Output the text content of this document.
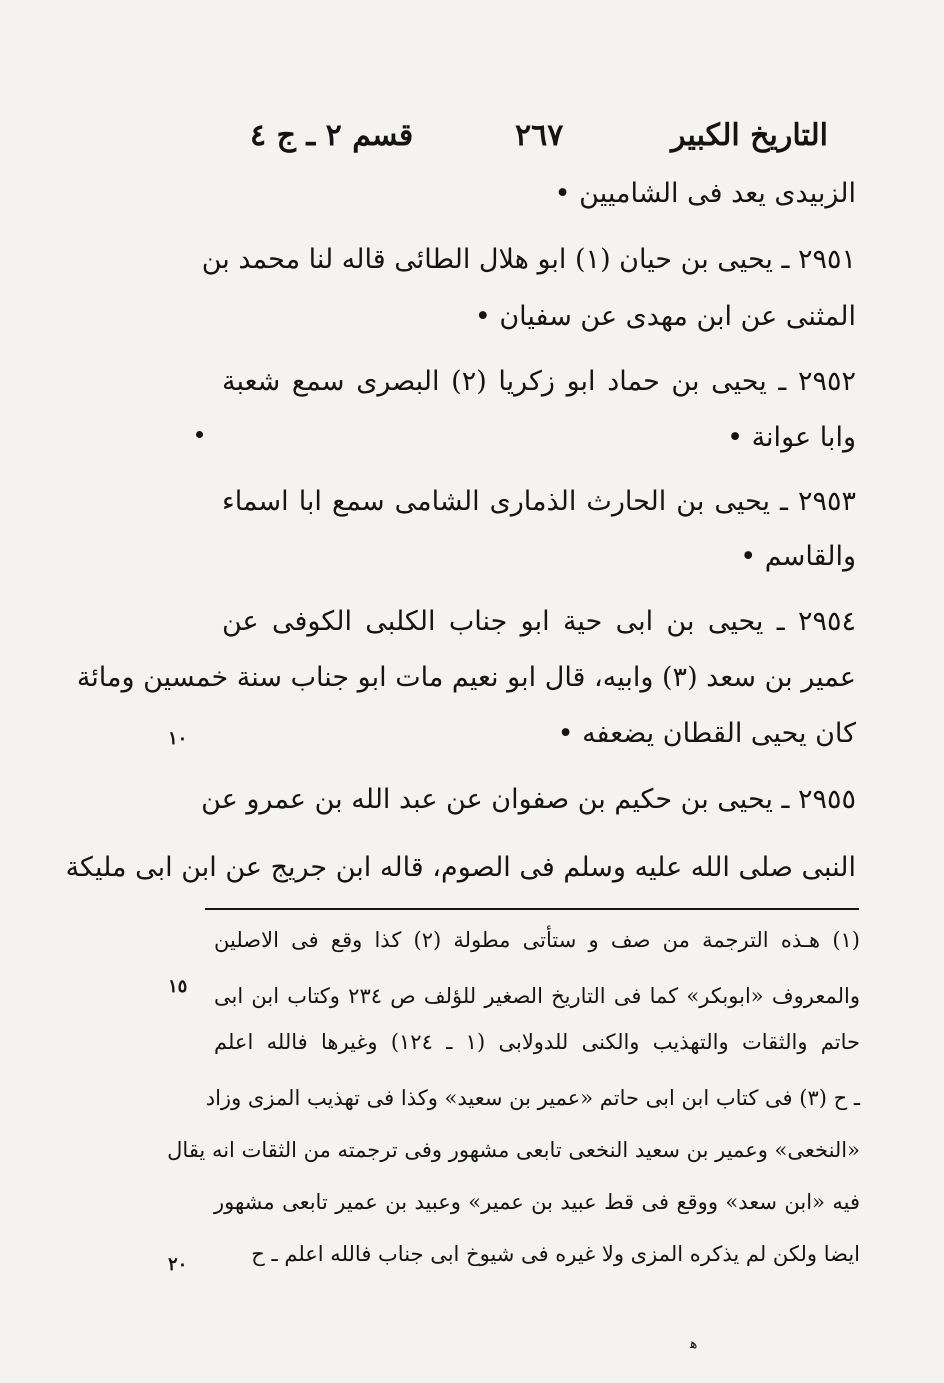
التاريخ الكبير
٢٦٧
قسم ٢ ـ ج ٤
الزبيدى يعد فى الشاميين •
٢٩٥١ ـ يحيى بن حيان (١) ابو هلال الطائى قاله لنا محمد بن
المثنى عن ابن مهدى عن سفيان •
٢٩٥٢ ـ يحيى بن حماد ابو زكريا (٢) البصرى سمع شعبة
وابا عوانة •
٢٩٥٣ ـ يحيى بن الحارث الذمارى الشامى سمع ابا اسماء
والقاسم •
٢٩٥٤ ـ يحيى بن ابى حية ابو جناب الكلبى الكوفى عن
عمير بن سعد (٣) وابيه، قال ابو نعيم مات ابو جناب سنة خمسين ومائة
كان يحيى القطان يضعفه •
٢٩٥٥ ـ يحيى بن حكيم بن صفوان عن عبد الله بن عمرو عن
النبى صلى الله عليه وسلم فى الصوم، قاله ابن جريج عن ابن ابى مليكة
١٠
١٥
٢٠
(١) هـذه الترجمة من صف و ستأتى مطولة (٢) كذا وقع فى الاصلين
والمعروف «ابوبكر» كما فى التاريخ الصغير للؤلف ص ٢٣٤ وكتاب ابن ابى
حاتم والثقات والتهذيب والكنى للدولابى (١ ـ ١٢٤) وغيرها فالله اعلم
ـ ح (٣) فى كتاب ابن ابى حاتم «عمير بن سعيد» وكذا فى تهذيب المزى وزاد
«النخعى» وعمير بن سعيد النخعى تابعى مشهور وفى ترجمته من الثقات انه يقال
فيه «ابن سعد» ووقع فى قط عبيد بن عمير» وعبيد بن عمير تابعى مشهور
ايضا ولكن لم يذكره المزى ولا غيره فى شيوخ ابى جناب فالله اعلم ـ ح
ﻫ
